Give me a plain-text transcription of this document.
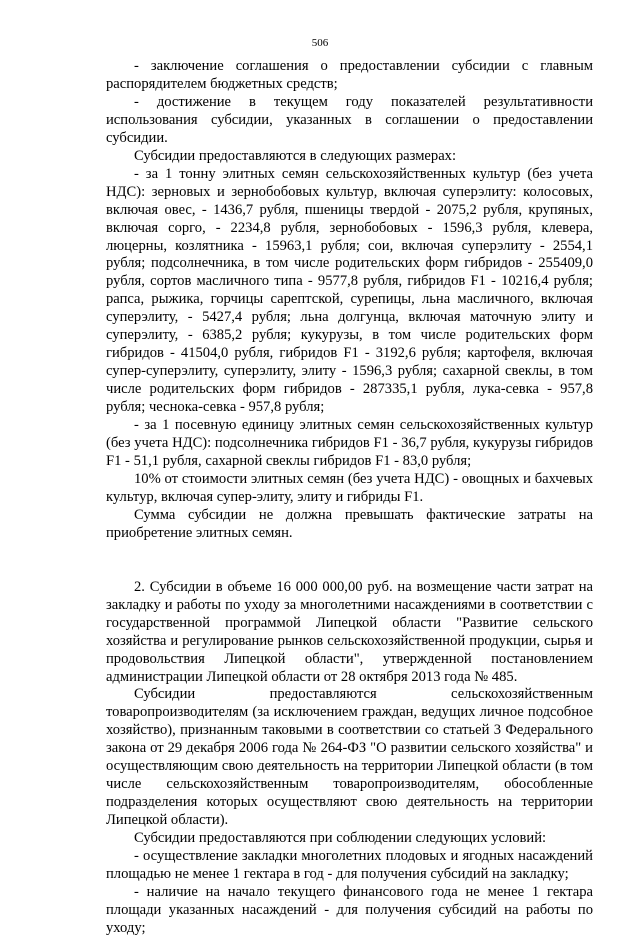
506

- заключение соглашения о предоставлении субсидии с главным распорядителем бюджетных средств;

- достижение в текущем году показателей результативности использования субсидии, указанных в соглашении о предоставлении субсидии.

Субсидии предоставляются в следующих размерах:

- за 1 тонну элитных семян сельскохозяйственных культур (без учета НДС): зерновых и зернобобовых культур, включая суперэлиту: колосовых, включая овес, - 1436,7 рубля, пшеницы твердой - 2075,2 рубля, крупяных, включая сорго, - 2234,8 рубля, зернобобовых - 1596,3 рубля, клевера, люцерны, козлятника - 15963,1 рубля; сои, включая суперэлиту - 2554,1 рубля; подсолнечника, в том числе родительских форм гибридов - 255409,0 рубля, сортов масличного типа - 9577,8 рубля, гибридов F1 - 10216,4 рубля; рапса, рыжика, горчицы сарептской, сурепицы, льна масличного, включая суперэлиту, - 5427,4 рубля; льна долгунца, включая маточную элиту и суперэлиту, - 6385,2 рубля; кукурузы, в том числе родительских форм гибридов - 41504,0 рубля, гибридов F1 - 3192,6 рубля; картофеля, включая супер-суперэлиту, суперэлиту, элиту - 1596,3 рубля; сахарной свеклы, в том числе родительских форм гибридов - 287335,1 рубля, лука-севка - 957,8 рубля; чеснока-севка - 957,8 рубля;

- за 1 посевную единицу элитных семян сельскохозяйственных культур (без учета НДС): подсолнечника гибридов F1 - 36,7 рубля, кукурузы гибридов F1 - 51,1 рубля, сахарной свеклы гибридов F1 - 83,0 рубля;

10% от стоимости элитных семян (без учета НДС) - овощных и бахчевых культур, включая супер-элиту, элиту и гибриды F1.

Сумма субсидии не должна превышать фактические затраты на приобретение элитных семян.

2. Субсидии в объеме 16 000 000,00 руб. на возмещение части затрат на закладку и работы по уходу за многолетними насаждениями в соответствии с государственной программой Липецкой области "Развитие сельского хозяйства и регулирование рынков сельскохозяйственной продукции, сырья и продовольствия Липецкой области", утвержденной постановлением администрации Липецкой области от 28 октября 2013 года № 485.

Субсидии предоставляются сельскохозяйственным товаропроизводителям (за исключением граждан, ведущих личное подсобное хозяйство), признанным таковыми в соответствии со статьей 3 Федерального закона от 29 декабря 2006 года № 264-ФЗ "О развитии сельского хозяйства" и осуществляющим свою деятельность на территории Липецкой области (в том числе сельскохозяйственным товаропроизводителям, обособленные подразделения которых осуществляют свою деятельность на территории Липецкой области).

Субсидии предоставляются при соблюдении следующих условий:

- осуществление закладки многолетних плодовых и ягодных насаждений площадью не менее 1 гектара в год - для получения субсидий на закладку;

- наличие на начало текущего финансового года не менее 1 гектара площади указанных насаждений - для получения субсидий на работы по уходу;
